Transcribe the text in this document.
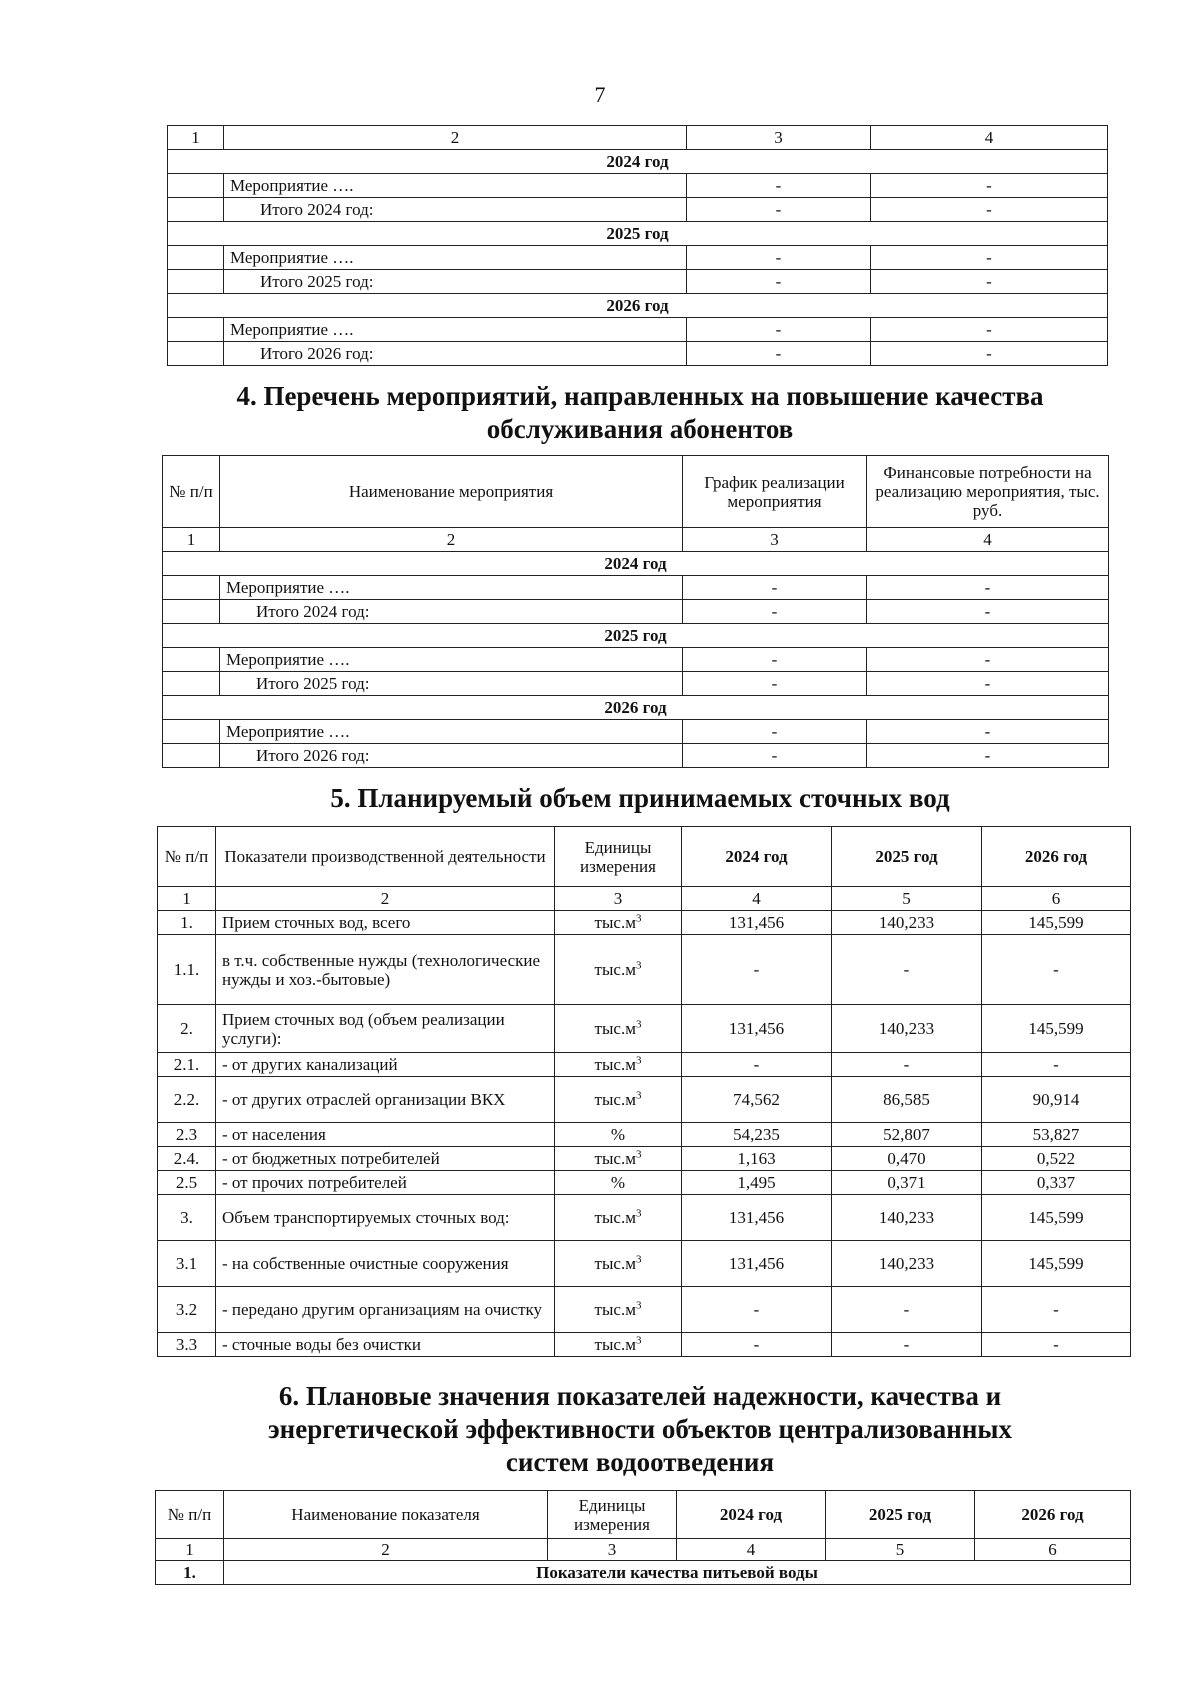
7
1	2	3	4
2024 год			
	Мероприятие ….	-	-
	Итого 2024 год:	-	-
2025 год			
	Мероприятие ….	-	-
	Итого 2025 год:	-	-
2026 год			
	Мероприятие ….	-	-
	Итого 2026 год:	-	-
4. Перечень мероприятий, направленных на повышение качества
обслуживания абонентов
№ п/п	Наименование мероприятия	График реализации мероприятия	Финансовые потребности на реализацию мероприятия, тыс. руб.
1	2	3	4
2024 год			
	Мероприятие ….	-	-
	Итого 2024 год:	-	-
2025 год			
	Мероприятие ….	-	-
	Итого 2025 год:	-	-
2026 год			
	Мероприятие ….	-	-
	Итого 2026 год:	-	-
5. Планируемый объем принимаемых сточных вод
№ п/п	Показатели производственной деятельности	Единицы измерения	2024 год	2025 год	2026 год
1	2	3	4	5	6
1.	Прием сточных вод, всего	$тыс.м^3$	131,456	140,233	145,599
1.1.	в т.ч. собственные нужды (технологические нужды и хоз.-бытовые)	$тыс.м^3$	-	-	-
2.	Прием сточных вод (объем реализации услуги):	$тыс.м^3$	131,456	140,233	145,599
2.1.	- от других канализаций	$тыс.м^3$	-	-	-
2.2.	- от других отраслей организации ВКХ	$тыс.м^3$	74,562	86,585	90,914
2.3	- от населения	%	54,235	52,807	53,827
2.4.	- от бюджетных потребителей	$тыс.м^3$	1,163	0,470	0,522
2.5	- от прочих потребителей	%	1,495	0,371	0,337
3.	Объем транспортируемых сточных вод:	$тыс.м^3$	131,456	140,233	145,599
3.1	- на собственные очистные сооружения	$тыс.м^3$	131,456	140,233	145,599
3.2	- передано другим организациям на очистку	$тыс.м^3$	-	-	-
3.3	- сточные воды без очистки	$тыс.м^3$	-	-	-
6. Плановые значения показателей надежности, качества и
энергетической эффективности объектов централизованных
систем водоотведения
№ п/п	Наименование показателя	Единицы измерения	2024 год	2025 год	2026 год
1	2	3	4	5	6
1.	Показатели качества питьевой воды				
